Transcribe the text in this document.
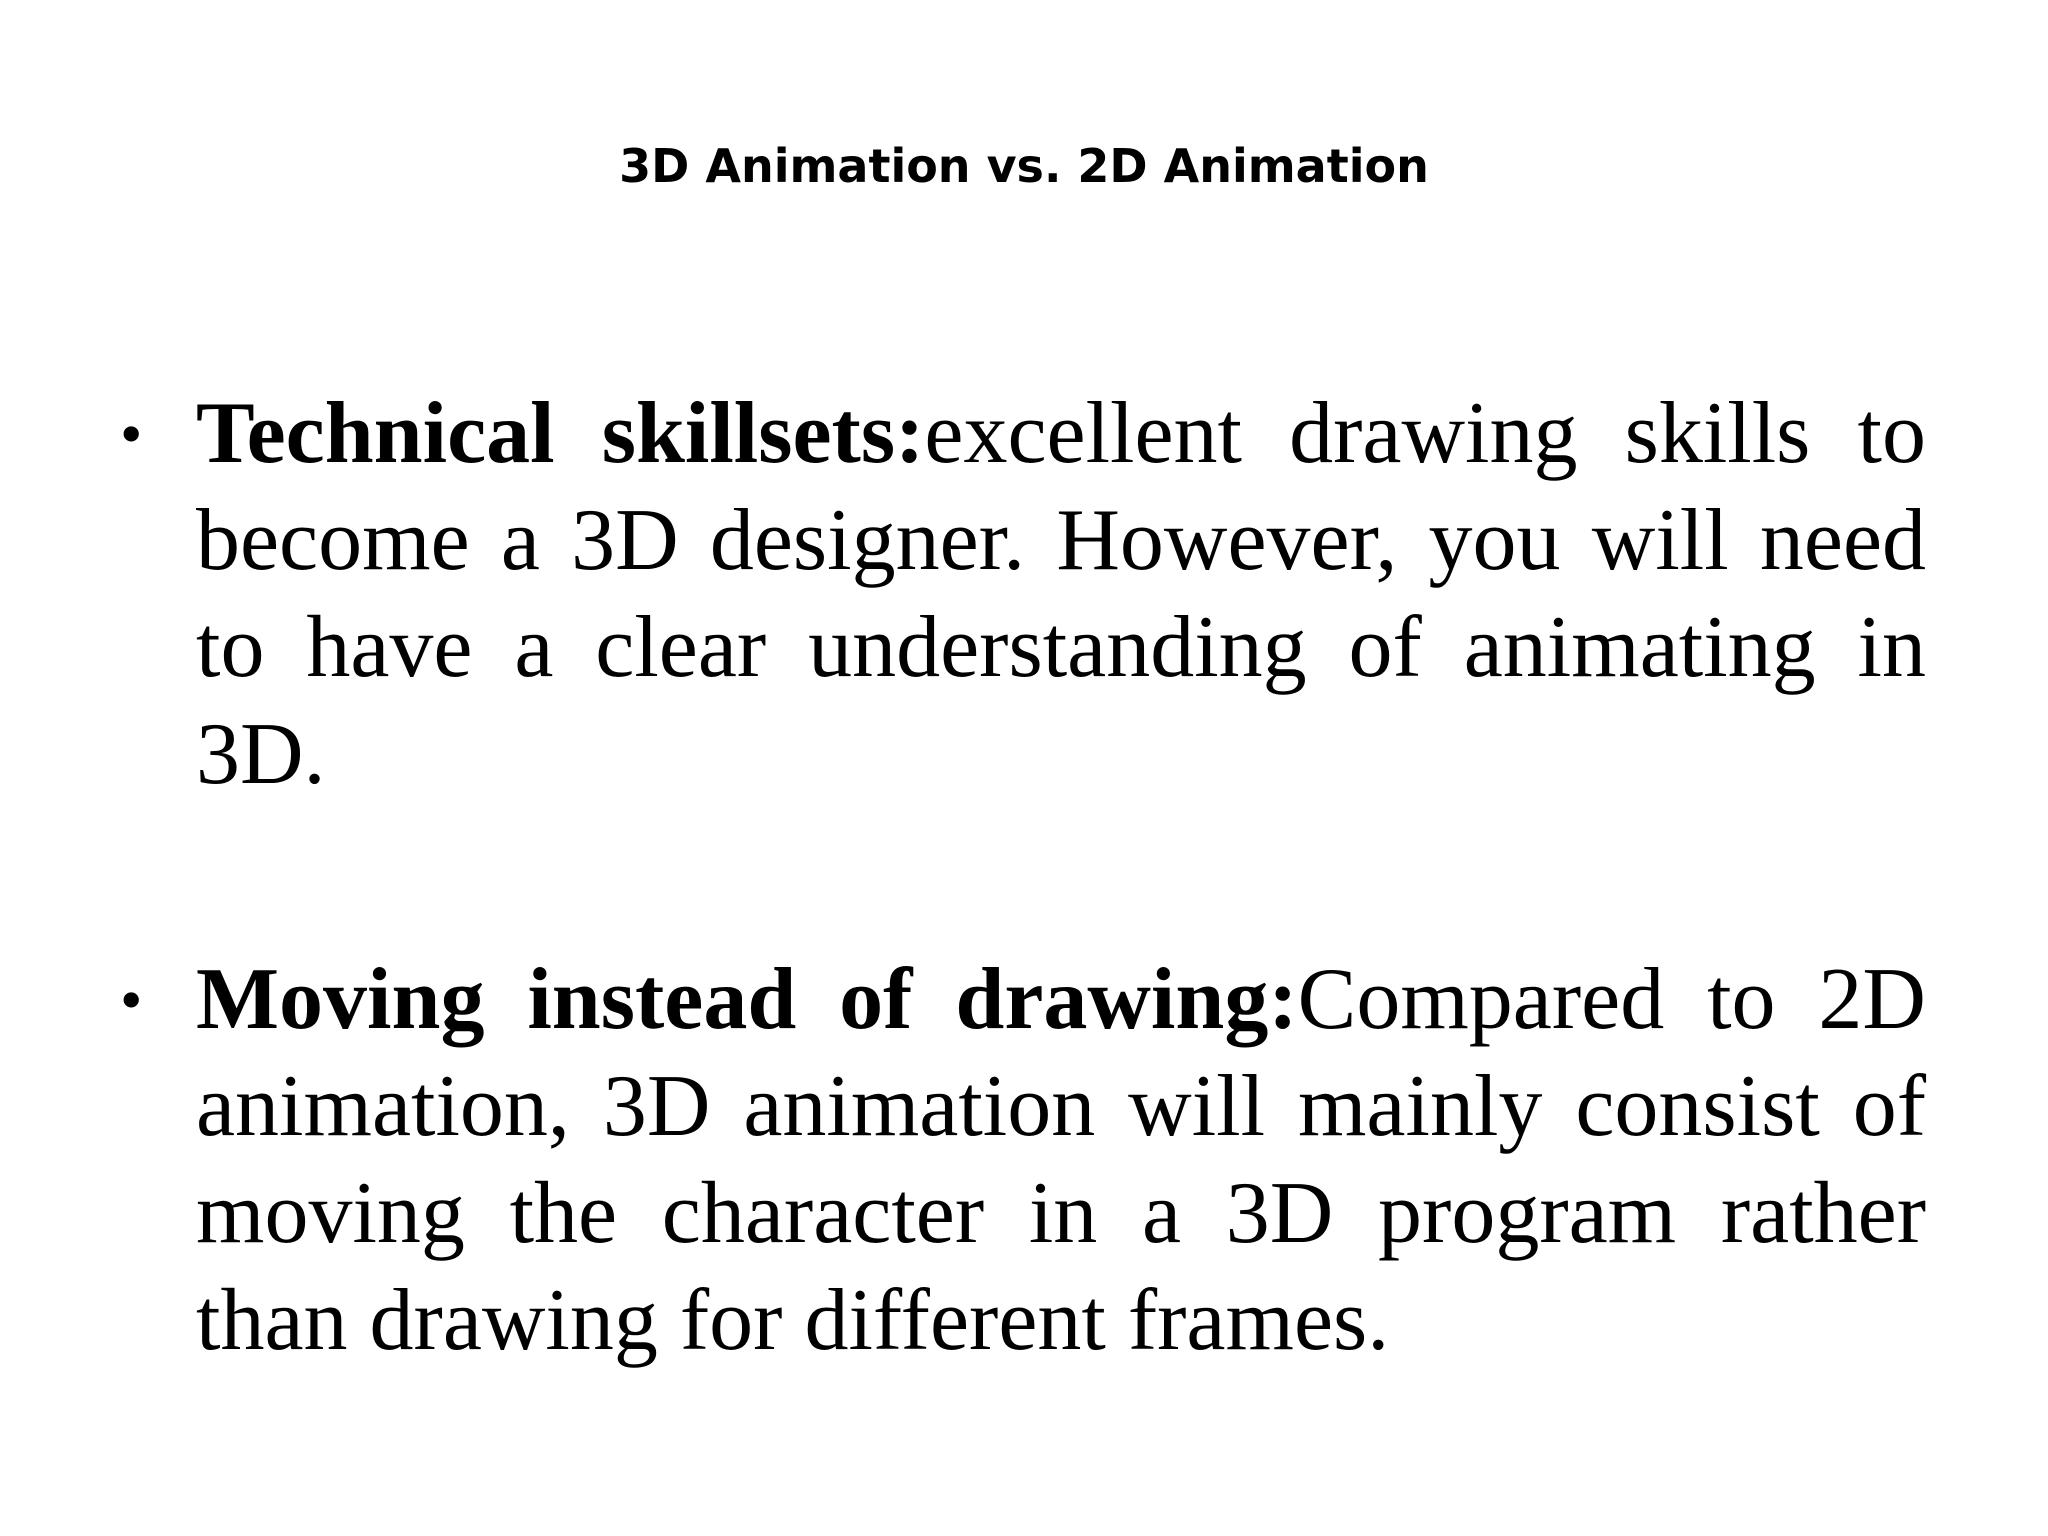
3D Animation vs. 2D Animation
• Technical skillsets:excellent drawing skills to become a 3D designer. However, you will need to have a clear understanding of animating in 3D.
• Moving instead of drawing:Compared to 2D animation, 3D animation will mainly consist of moving the character in a 3D program rather than drawing for different frames.
